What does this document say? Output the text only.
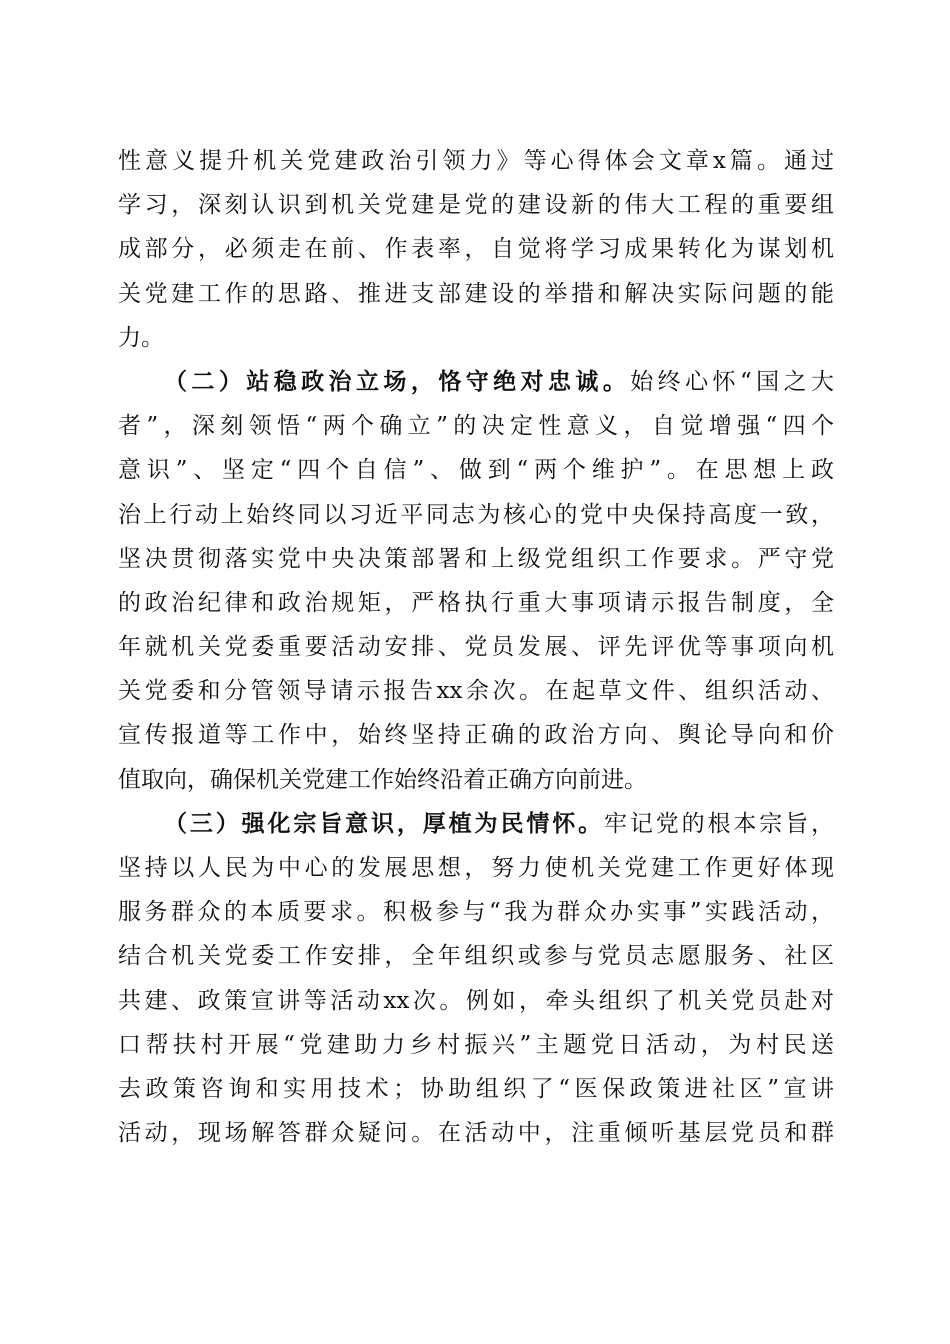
性意义提升机关党建政治引领力》等心得体会文章x篇。通过
学习，深刻认识到机关党建是党的建设新的伟大工程的重要组
成部分，必须走在前、作表率，自觉将学习成果转化为谋划机
关党建工作的思路、推进支部建设的举措和解决实际问题的能
力。
（二）站稳政治立场，恪守绝对忠诚。始终心怀“国之大
者”，深刻领悟“两个确立”的决定性意义，自觉增强“四个
意识”、坚定“四个自信”、做到“两个维护”。在思想上政
治上行动上始终同以习近平同志为核心的党中央保持高度一致，
坚决贯彻落实党中央决策部署和上级党组织工作要求。严守党
的政治纪律和政治规矩，严格执行重大事项请示报告制度，全
年就机关党委重要活动安排、党员发展、评先评优等事项向机
关党委和分管领导请示报告xx余次。在起草文件、组织活动、
宣传报道等工作中，始终坚持正确的政治方向、舆论导向和价
值取向，确保机关党建工作始终沿着正确方向前进。
（三）强化宗旨意识，厚植为民情怀。牢记党的根本宗旨，
坚持以人民为中心的发展思想，努力使机关党建工作更好体现
服务群众的本质要求。积极参与“我为群众办实事”实践活动，
结合机关党委工作安排，全年组织或参与党员志愿服务、社区
共建、政策宣讲等活动xx次。例如，牵头组织了机关党员赴对
口帮扶村开展“党建助力乡村振兴”主题党日活动，为村民送
去政策咨询和实用技术；协助组织了“医保政策进社区”宣讲
活动，现场解答群众疑问。在活动中，注重倾听基层党员和群
